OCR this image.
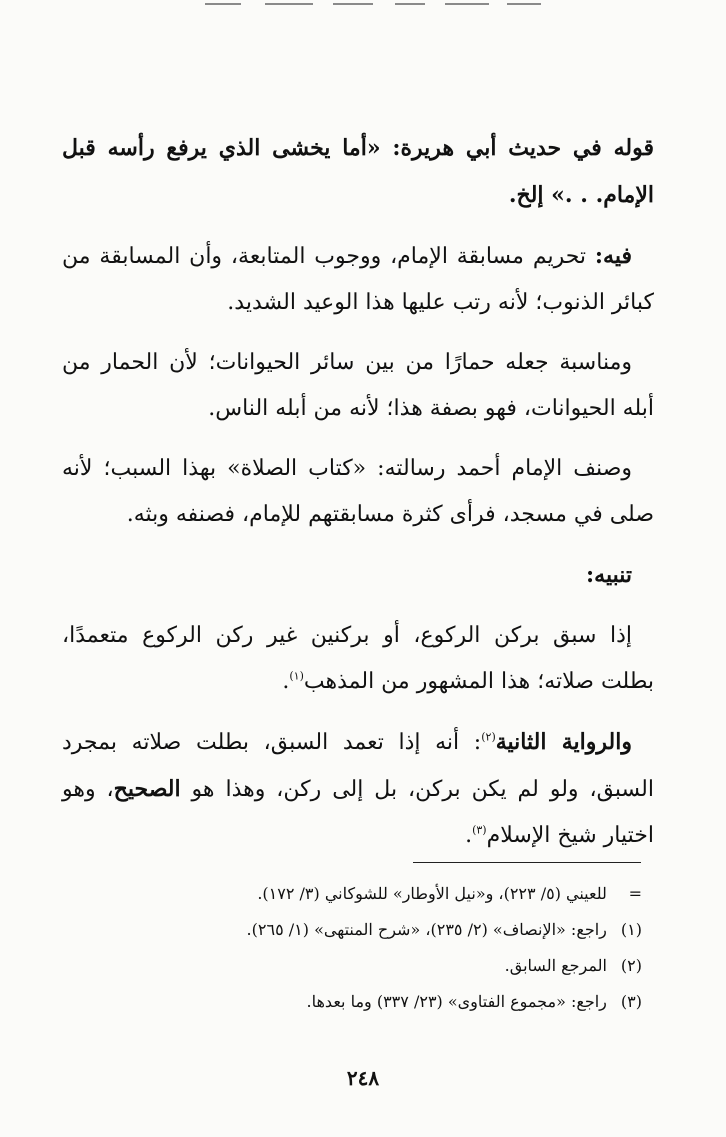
قوله في حديث أبي هريرة: «أما يخشى الذي يرفع رأسه قبل الإمام. . .» إلخ.

فيه: تحريم مسابقة الإمام، ووجوب المتابعة، وأن المسابقة من كبائر الذنوب؛ لأنه رتب عليها هذا الوعيد الشديد.

ومناسبة جعله حمارًا من بين سائر الحيوانات؛ لأن الحمار من أبله الحيوانات، فهو بصفة هذا؛ لأنه من أبله الناس.

وصنف الإمام أحمد رسالته: «كتاب الصلاة» بهذا السبب؛ لأنه صلى في مسجد، فرأى كثرة مسابقتهم للإمام، فصنفه وبثه.

تنبيه:

إذا سبق بركن الركوع، أو بركنين غير ركن الركوع متعمدًا، بطلت صلاته؛ هذا المشهور من المذهب$^{(١)}$.

والرواية الثانية$^{(٢)}$: أنه إذا تعمد السبق، بطلت صلاته بمجرد السبق، ولو لم يكن بركن، بل إلى ركن، وهذا هو الصحيح، وهو اختيار شيخ الإسلام$^{(٣)}$.

= للعيني (٥/ ٢٢٣)، و«نيل الأوطار» للشوكاني (٣/ ١٧٢).
(١) راجع: «الإنصاف» (٢/ ٢٣٥)، «شرح المنتهى» (١/ ٢٦٥).
(٢) المرجع السابق.
(٣) راجع: «مجموع الفتاوى» (٢٣/ ٣٣٧) وما بعدها.
٢٤٨
